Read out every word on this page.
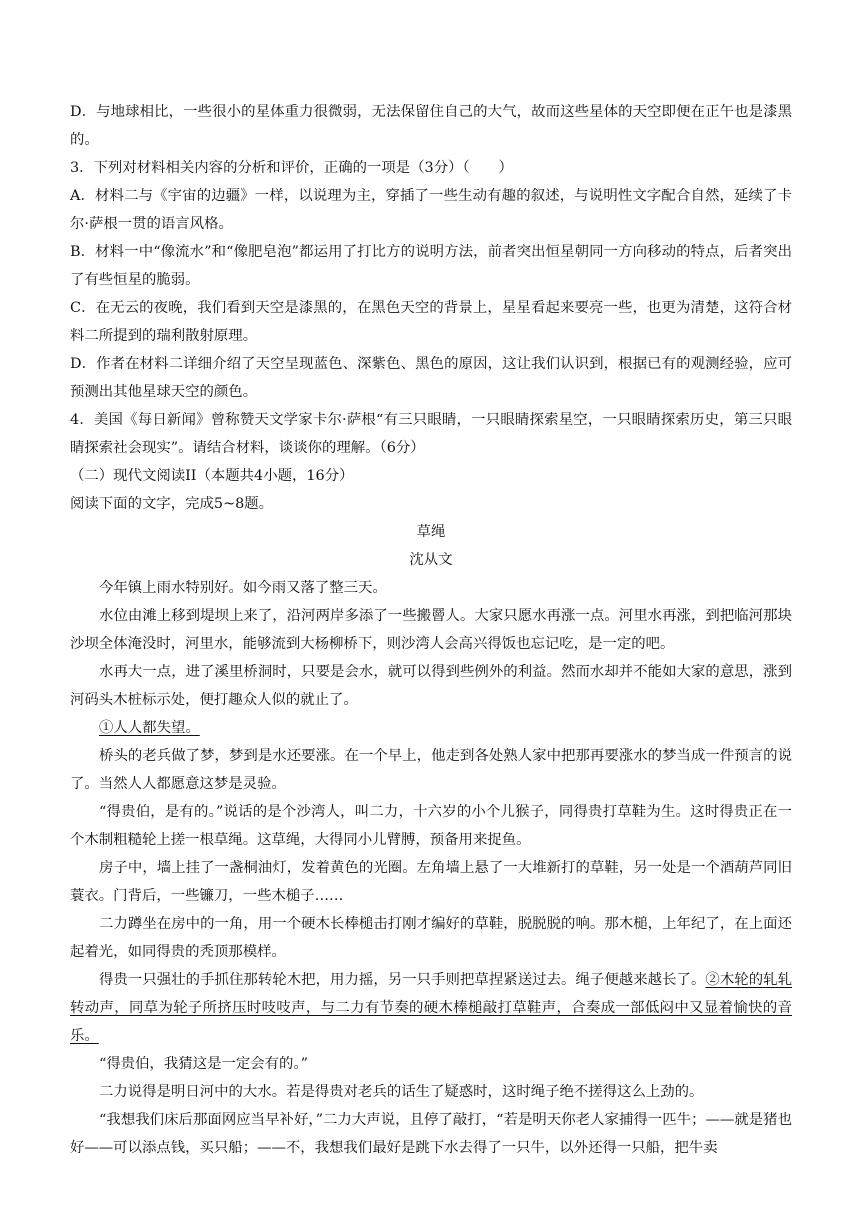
D．与地球相比，一些很小的星体重力很微弱，无法保留住自己的大气，故而这些星体的天空即便在正午也是漆黑的。

3．下列对材料相关内容的分析和评价，正确的一项是（3分）（　　）

A．材料二与《宇宙的边疆》一样，以说理为主，穿插了一些生动有趣的叙述，与说明性文字配合自然，延续了卡尔·萨根一贯的语言风格。

B．材料一中“像流水”和“像肥皂泡”都运用了打比方的说明方法，前者突出恒星朝同一方向移动的特点，后者突出了有些恒星的脆弱。

C．在无云的夜晚，我们看到天空是漆黑的，在黑色天空的背景上，星星看起来要亮一些，也更为清楚，这符合材料二所提到的瑞利散射原理。

D．作者在材料二详细介绍了天空呈现蓝色、深紫色、黑色的原因，这让我们认识到，根据已有的观测经验，应可预测出其他星球天空的颜色。

4．美国《每日新闻》曾称赞天文学家卡尔·萨根“有三只眼睛，一只眼睛探索星空，一只眼睛探索历史，第三只眼睛探索社会现实”。请结合材料，谈谈你的理解。（6分）

（二）现代文阅读II（本题共4小题，16分）

阅读下面的文字，完成5~8题。

草绳

沈从文

今年镇上雨水特别好。如今雨又落了整三天。

水位由滩上移到堤坝上来了，沿河两岸多添了一些搬罾人。大家只愿水再涨一点。河里水再涨，到把临河那块沙坝全体淹没时，河里水，能够流到大杨柳桥下，则沙湾人会高兴得饭也忘记吃，是一定的吧。

水再大一点，进了溪里桥洞时，只要是会水，就可以得到些例外的利益。然而水却并不能如大家的意思，涨到河码头木桩标示处，便打趣众人似的就止了。

①人人都失望。

桥头的老兵做了梦，梦到是水还要涨。在一个早上，他走到各处熟人家中把那再要涨水的梦当成一件预言的说了。当然人人都愿意这梦是灵验。

“得贵伯，是有的。”说话的是个沙湾人，叫二力，十六岁的小个儿猴子，同得贵打草鞋为生。这时得贵正在一个木制粗糙轮上搓一根草绳。这草绳，大得同小儿臂膊，预备用来捉鱼。

房子中，墙上挂了一盏桐油灯，发着黄色的光圈。左角墙上悬了一大堆新打的草鞋，另一处是一个酒葫芦同旧蓑衣。门背后，一些镰刀，一些木槌子……

二力蹲坐在房中的一角，用一个硬木长棒槌击打刚才编好的草鞋，脱脱脱的响。那木槌，上年纪了，在上面还起着光，如同得贵的秃顶那模样。

得贵一只强壮的手抓住那转轮木把，用力摇，另一只手则把草捏紧送过去。绳子便越来越长了。②木轮的轧轧转动声，同草为轮子所挤压时吱吱声，与二力有节奏的硬木棒槌敲打草鞋声，合奏成一部低闷中又显着愉快的音乐。

“得贵伯，我猜这是一定会有的。”

二力说得是明日河中的大水。若是得贵对老兵的话生了疑惑时，这时绳子绝不搓得这么上劲的。

“我想我们床后那面网应当早补好，”二力大声说，且停了敲打，“若是明天你老人家捕得一匹牛；——就是猪也好——可以添点钱，买只船；——不，我想我们最好是跳下水去得了一只牛，以外还得一只船，把牛卖
